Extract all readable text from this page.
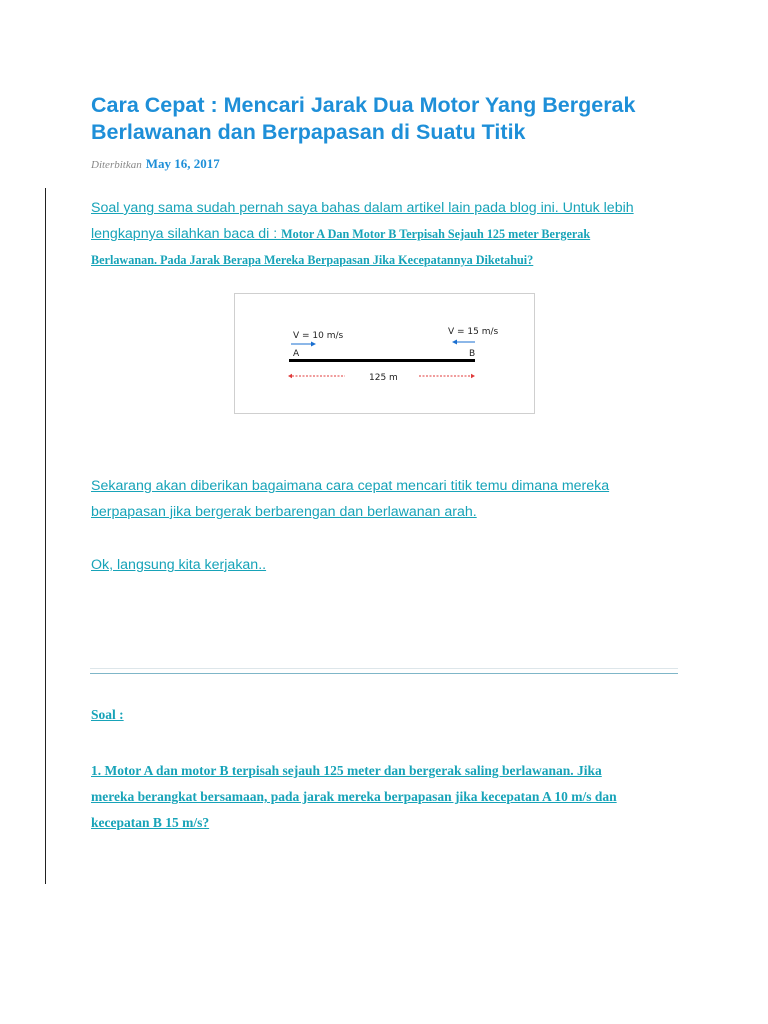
Cara Cepat : Mencari Jarak Dua Motor Yang Bergerak Berlawanan dan Berpapasan di Suatu Titik
Diterbitkan May 16, 2017

Soal yang sama sudah pernah saya bahas dalam artikel lain pada blog ini. Untuk lebih
lengkapnya silahkan baca di : Motor A Dan Motor B Terpisah Sejauh 125 meter Bergerak
Berlawanan. Pada Jarak Berapa Mereka Berpapasan Jika Kecepatannya Diketahui?

V = 10 m/s	V = 15 m/s
A	B
125 m

Sekarang akan diberikan bagaimana cara cepat mencari titik temu dimana mereka
berpapasan jika bergerak berbarengan dan berlawanan arah.

Ok, langsung kita kerjakan..

Soal :

1. Motor A dan motor B terpisah sejauh 125 meter dan bergerak saling berlawanan. Jika
mereka berangkat bersamaan, pada jarak mereka berpapasan jika kecepatan A 10 m/s dan
kecepatan B 15 m/s?
